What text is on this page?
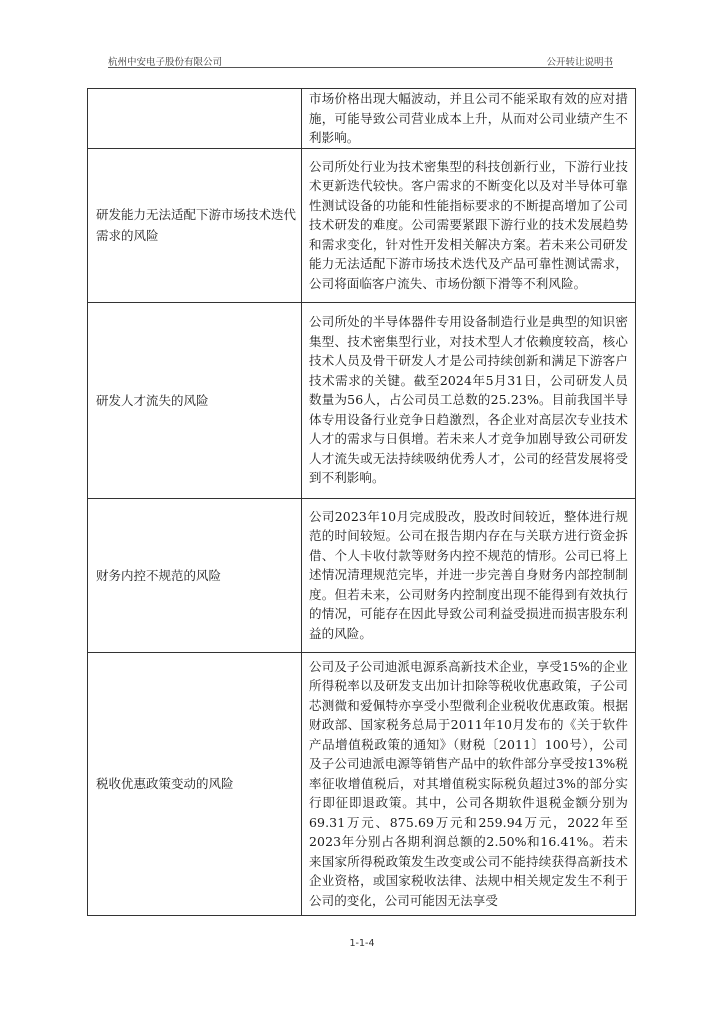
杭州中安电子股份有限公司	公开转让说明书
	市场价格出现大幅波动，并且公司不能采取有效的应对措施，可能导致公司营业成本上升，从而对公司业绩产生不利影响。
研发能力无法适配下游市场技术迭代需求的风险	公司所处行业为技术密集型的科技创新行业，下游行业技术更新迭代较快。客户需求的不断变化以及对半导体可靠性测试设备的功能和性能指标要求的不断提高增加了公司技术研发的难度。公司需要紧跟下游行业的技术发展趋势和需求变化，针对性开发相关解决方案。若未来公司研发能力无法适配下游市场技术迭代及产品可靠性测试需求，公司将面临客户流失、市场份额下滑等不利风险。
研发人才流失的风险	公司所处的半导体器件专用设备制造行业是典型的知识密集型、技术密集型行业，对技术型人才依赖度较高，核心技术人员及骨干研发人才是公司持续创新和满足下游客户技术需求的关键。截至2024年5月31日，公司研发人员数量为56人，占公司员工总数的25.23%。目前我国半导体专用设备行业竞争日趋激烈，各企业对高层次专业技术人才的需求与日俱增。若未来人才竞争加剧导致公司研发人才流失或无法持续吸纳优秀人才，公司的经营发展将受到不利影响。
财务内控不规范的风险	公司2023年10月完成股改，股改时间较近，整体进行规范的时间较短。公司在报告期内存在与关联方进行资金拆借、个人卡收付款等财务内控不规范的情形。公司已将上述情况清理规范完毕，并进一步完善自身财务内部控制制度。但若未来，公司财务内控制度出现不能得到有效执行的情况，可能存在因此导致公司利益受损进而损害股东利益的风险。
税收优惠政策变动的风险	公司及子公司迪派电源系高新技术企业，享受15%的企业所得税率以及研发支出加计扣除等税收优惠政策，子公司芯测微和爱佩特亦享受小型微利企业税收优惠政策。根据财政部、国家税务总局于2011年10月发布的《关于软件产品增值税政策的通知》（财税〔2011〕100号），公司及子公司迪派电源等销售产品中的软件部分享受按13%税率征收增值税后，对其增值税实际税负超过3%的部分实行即征即退政策。其中，公司各期软件退税金额分别为69.31万元、875.69万元和259.94万元，2022年至2023年分别占各期利润总额的2.50%和16.41%。若未来国家所得税政策发生改变或公司不能持续获得高新技术企业资格，或国家税收法律、法规中相关规定发生不利于公司的变化，公司可能因无法享受
1-1-4
